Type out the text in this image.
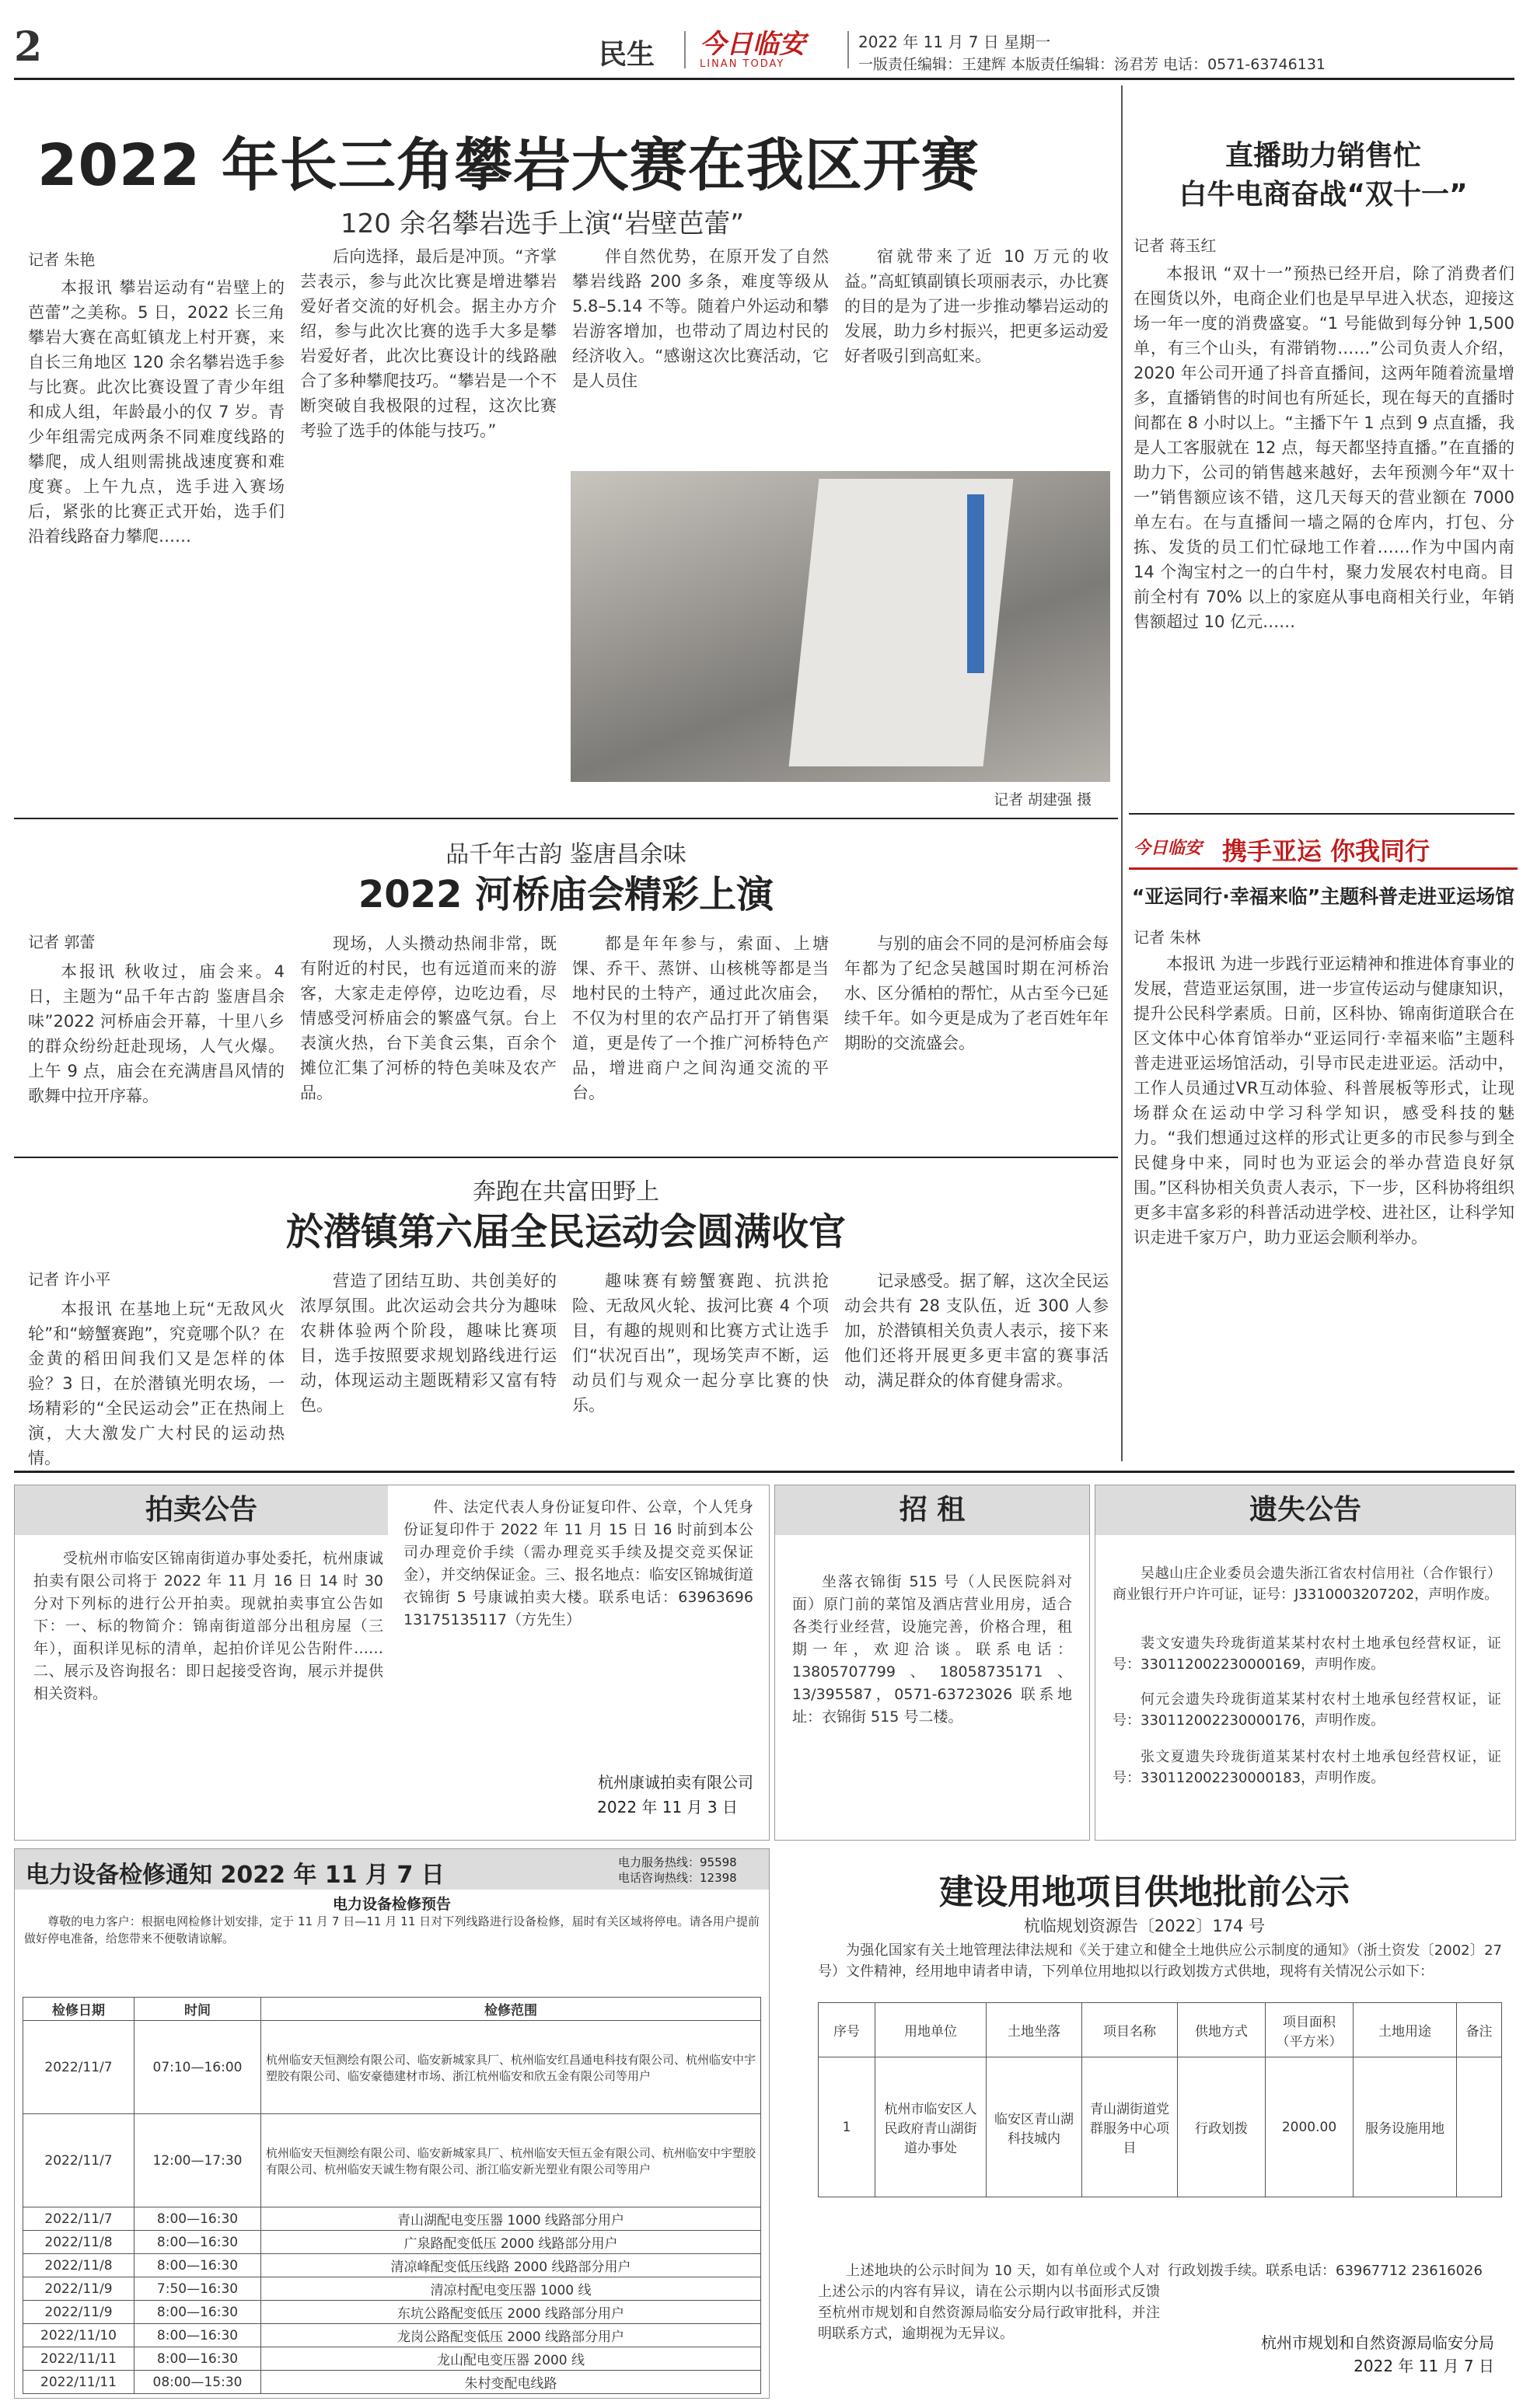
2	民生 今日临安
LINAN TODAY
2022 年 11 月 7 日 星期一
一版责任编辑：王建辉 本版责任编辑：汤君芳 电话：0571-63746131
2022 年长三角攀岩大赛在我区开赛
120 余名攀岩选手上演“岩壁芭蕾”
记者 朱艳

本报讯 攀岩运动有“岩壁上的芭蕾”之美称。5 日，2022 长三角攀岩大赛在高虹镇龙上村开赛，来自长三角地区 120 余名攀岩选手参与比赛。此次比赛设置了青少年组和成人组，年龄最小的仅 7 岁。青少年组需完成两条不同难度线路的攀爬，成人组则需挑战速度赛和难度赛。上午九点，选手进入赛场后，紧张的比赛正式开始，选手们沿着线路奋力攀爬……

后向选择，最后是冲顶。“齐掌芸表示，参与此次比赛是增进攀岩爱好者交流的好机会。据主办方介绍，参与此次比赛的选手大多是攀岩爱好者，此次比赛设计的线路融合了多种攀爬技巧。“攀岩是一个不断突破自我极限的过程，这次比赛考验了选手的体能与技巧。”

伴自然优势，在原开发了自然攀岩线路 200 多条，难度等级从 5.8–5.14 不等。随着户外运动和攀岩游客增加，也带动了周边村民的经济收入。“感谢这次比赛活动，它是人员住

宿就带来了近 10 万元的收益。”高虹镇副镇长项丽表示，办比赛的目的是为了进一步推动攀岩运动的发展，助力乡村振兴，把更多运动爱好者吸引到高虹来。

记者 胡建强 摄
直播助力销售忙
白牛电商奋战“双十一”
记者 蒋玉红

本报讯 “双十一”预热已经开启，除了消费者们在囤货以外，电商企业们也是早早进入状态，迎接这场一年一度的消费盛宴。“1 号能做到每分钟 1,500 单，有三个山头，有滞销物……”公司负责人介绍，2020 年公司开通了抖音直播间，这两年随着流量增多，直播销售的时间也有所延长，现在每天的直播时间都在 8 小时以上。“主播下午 1 点到 9 点直播，我是人工客服就在 12 点，每天都坚持直播。”在直播的助力下，公司的销售越来越好，去年预测今年“双十一”销售额应该不错，这几天每天的营业额在 7000 单左右。在与直播间一墙之隔的仓库内，打包、分拣、发货的员工们忙碌地工作着……作为中国内南 14 个淘宝村之一的白牛村，聚力发展农村电商。目前全村有 70% 以上的家庭从事电商相关行业，年销售额超过 10 亿元……

今日临安 携手亚运 你我同行
“亚运同行·幸福来临”主题科普走进亚运场馆
记者 朱林

本报讯 为进一步践行亚运精神和推进体育事业的发展，营造亚运氛围，进一步宣传运动与健康知识，提升公民科学素质。日前，区科协、锦南街道联合在区文体中心体育馆举办“亚运同行·幸福来临”主题科普走进亚运场馆活动，引导市民走进亚运。活动中，工作人员通过VR互动体验、科普展板等形式，让现场群众在运动中学习科学知识，感受科技的魅力。“我们想通过这样的形式让更多的市民参与到全民健身中来，同时也为亚运会的举办营造良好氛围。”区科协相关负责人表示，下一步，区科协将组织更多丰富多彩的科普活动进学校、进社区，让科学知识走进千家万户，助力亚运会顺利举办。

品千年古韵 鉴唐昌余味
2022 河桥庙会精彩上演
记者 郭蕾

本报讯 秋收过，庙会来。4 日，主题为“品千年古韵 鉴唐昌余味”2022 河桥庙会开幕，十里八乡的群众纷纷赶赴现场，人气火爆。上午 9 点，庙会在充满唐昌风情的歌舞中拉开序幕。

现场，人头攒动热闹非常，既有附近的村民，也有远道而来的游客，大家走走停停，边吃边看，尽情感受河桥庙会的繁盛气氛。台上表演火热，台下美食云集，百余个摊位汇集了河桥的特色美味及农产品。

都是年年参与，索面、上塘馃、乔干、蒸饼、山核桃等都是当地村民的土特产，通过此次庙会，不仅为村里的农产品打开了销售渠道，更是传了一个推广河桥特色产品，增进商户之间沟通交流的平台。

与别的庙会不同的是河桥庙会每年都为了纪念吴越国时期在河桥治水、区分循柏的帮忙，从古至今已延续千年。如今更是成为了老百姓年年期盼的交流盛会。

奔跑在共富田野上
於潜镇第六届全民运动会圆满收官
记者 许小平

本报讯 在基地上玩“无敌风火轮”和“螃蟹赛跑”，究竟哪个队？在金黄的稻田间我们又是怎样的体验？3 日，在於潜镇光明农场，一场精彩的“全民运动会”正在热闹上演，大大激发广大村民的运动热情。

营造了团结互助、共创美好的浓厚氛围。此次运动会共分为趣味农耕体验两个阶段，趣味比赛项目，选手按照要求规划路线进行运动，体现运动主题既精彩又富有特色。

趣味赛有螃蟹赛跑、抗洪抢险、无敌风火轮、拔河比赛 4 个项目，有趣的规则和比赛方式让选手们“状况百出”，现场笑声不断，运动员们与观众一起分享比赛的快乐。

记录感受。据了解，这次全民运动会共有 28 支队伍，近 300 人参加，於潜镇相关负责人表示，接下来他们还将开展更多更丰富的赛事活动，满足群众的体育健身需求。

拍卖公告

受杭州市临安区锦南街道办事处委托，杭州康诚拍卖有限公司将于 2022 年 11 月 16 日 14 时 30 分对下列标的进行公开拍卖。现就拍卖事宜公告如下：一、标的物简介：锦南街道部分出租房屋（三年），面积详见标的清单，起拍价详见公告附件……二、展示及咨询报名：即日起接受咨询，展示并提供相关资料。

件、法定代表人身份证复印件、公章，个人凭身份证复印件于 2022 年 11 月 15 日 16 时前到本公司办理竞价手续（需办理竞买手续及提交竞买保证金），并交纳保证金。三、报名地点：临安区锦城街道衣锦街 5 号康诚拍卖大楼。联系电话：63963696 13175135117（方先生）

杭州康诚拍卖有限公司
2022 年 11 月 3 日
招 租

坐落衣锦街 515 号（人民医院斜对面）原门前的菜馆及酒店营业用房，适合各类行业经营，设施完善，价格合理，租期一年，欢迎洽谈。联系电话：13805707799、18058735171、13/395587，0571-63723026 联系地址：衣锦街 515 号二楼。

遗失公告

吴越山庄企业委员会遗失浙江省农村信用社（合作银行）商业银行开户许可证，证号：J3310003207202，声明作废。

裴文安遗失玲珑街道某某村农村土地承包经营权证，证号：330112002230000169，声明作废。

何元会遗失玲珑街道某某村农村土地承包经营权证，证号：330112002230000176，声明作废。

张文夏遗失玲珑街道某某村农村土地承包经营权证，证号：330112002230000183，声明作废。

电力设备检修通知 2022 年 11 月 7 日	电力服务热线：95598
电话咨询热线：12398
电力设备检修预告

尊敬的电力客户：根据电网检修计划安排，定于 11 月 7 日—11 月 11 日对下列线路进行设备检修，届时有关区域将停电。请各用户提前做好停电准备，给您带来不便敬请谅解。

检修日期	时间	检修范围
2022/11/7	07:10—16:00	杭州临安天恒测绘有限公司、临安新城家具厂、杭州临安红昌通电科技有限公司、杭州临安中宇塑胶有限公司、临安豪德建材市场、浙江杭州临安和欣五金有限公司等用户
2022/11/7	12:00—17:30	杭州临安天恒测绘有限公司、临安新城家具厂、杭州临安天恒五金有限公司、杭州临安中宇塑胶有限公司、杭州临安天诚生物有限公司、浙江临安新光塑业有限公司等用户
2022/11/7	8:00—16:30	青山湖配电变压器 1000 线路部分用户
2022/11/8	8:00—16:30	广泉路配变低压 2000 线路部分用户
2022/11/8	8:00—16:30	清凉峰配变低压线路 2000 线路部分用户
2022/11/9	7:50—16:30	清凉村配电变压器 1000 线
2022/11/9	8:00—16:30	东坑公路配变低压 2000 线路部分用户
2022/11/10	8:00—16:30	龙岗公路配变低压 2000 线路部分用户
2022/11/11	8:00—16:30	龙山配电变压器 2000 线
2022/11/11	08:00—15:30	朱村变配电线路
建设用地项目供地批前公示
杭临规划资源告〔2022〕174 号

为强化国家有关土地管理法律法规和《关于建立和健全土地供应公示制度的通知》（浙土资发〔2002〕27 号）文件精神，经用地申请者申请，下列单位用地拟以行政划拨方式供地，现将有关情况公示如下：

序号	用地单位	土地坐落	项目名称	供地方式	项目面积（平方米）	土地用途	备注
1	杭州市临安区人民政府青山湖街道办事处	临安区青山湖科技城内	青山湖街道党群服务中心项目	行政划拨	2000.00	服务设施用地	

上述地块的公示时间为 10 天，如有单位或个人对上述公示的内容有异议，请在公示期内以书面形式反馈至杭州市规划和自然资源局临安分局行政审批科，并注明联系方式，逾期视为无异议。

行政划拨手续。联系电话：63967712 23616026

杭州市规划和自然资源局临安分局
2022 年 11 月 7 日
